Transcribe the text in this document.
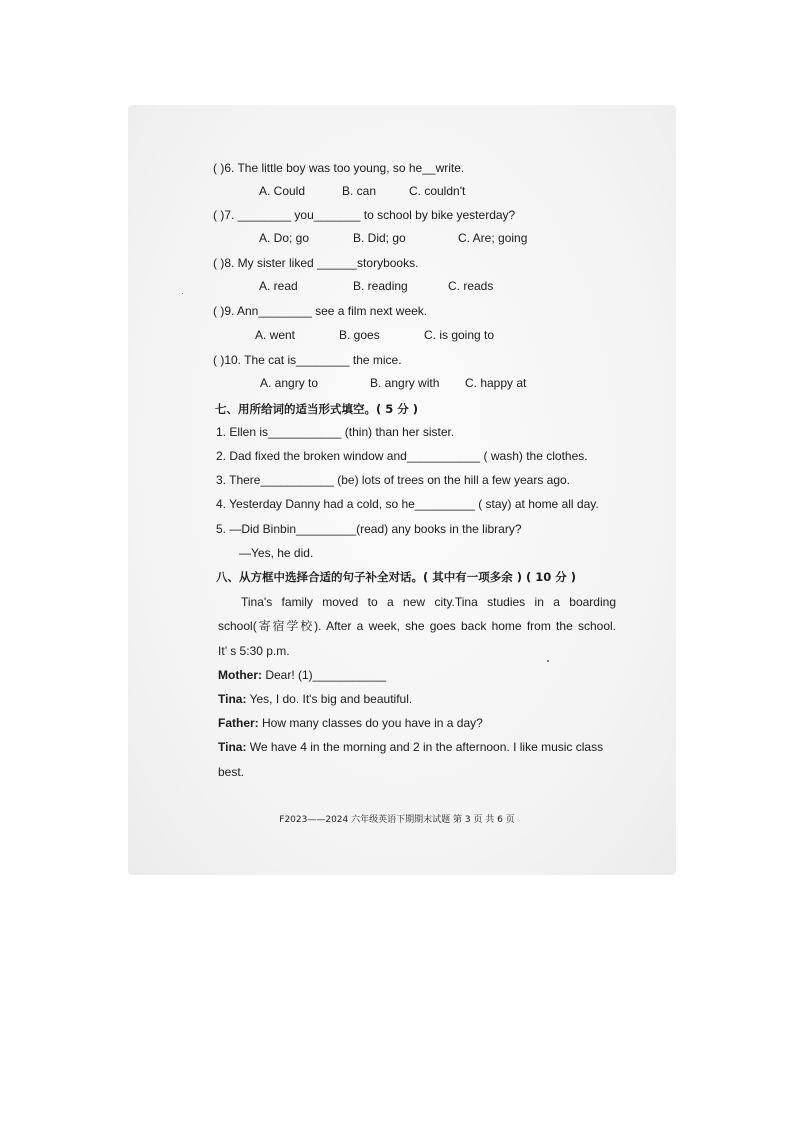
( )6. The little boy was too young, so he__write.
A. Could	B. can	C. couldn't
( )7. ________ you_______ to school by bike yesterday?
A. Do; go	B. Did; go	C. Are; going
( )8. My sister liked ______storybooks.
A. read	B. reading	C. reads
( )9. Ann________ see a film next week.
A. went	B. goes	C. is going to
( )10. The cat is________ the mice.
A. angry to	B. angry with C. happy at
七、用所给词的适当形式填空。( 5 分 )
1. Ellen is___________ (thin) than her sister.
2. Dad fixed the broken window and___________ ( wash) the clothes.
3. There___________ (be) lots of trees on the hill a few years ago.
4. Yesterday Danny had a cold, so he_________ ( stay) at home all day.
5. —Did Binbin_________(read) any books in the library?
—Yes, he did.
八、从方框中选择合适的句子补全对话。( 其中有一项多余 ) ( 10 分 )
Tina's family moved to a new city.Tina studies in a boarding
school(寄宿学校). After a week, she goes back home from the school.
It’ s 5:30 p.m.
Mother: Dear! (1)___________
Tina: Yes, I do. It's big and beautiful.
Father: How many classes do you have in a day?
Tina: We have 4 in the morning and 2 in the afternoon. I like music class
best.
F2023——2024 六年级英语下期期末试题 第 3 页 共 6 页
